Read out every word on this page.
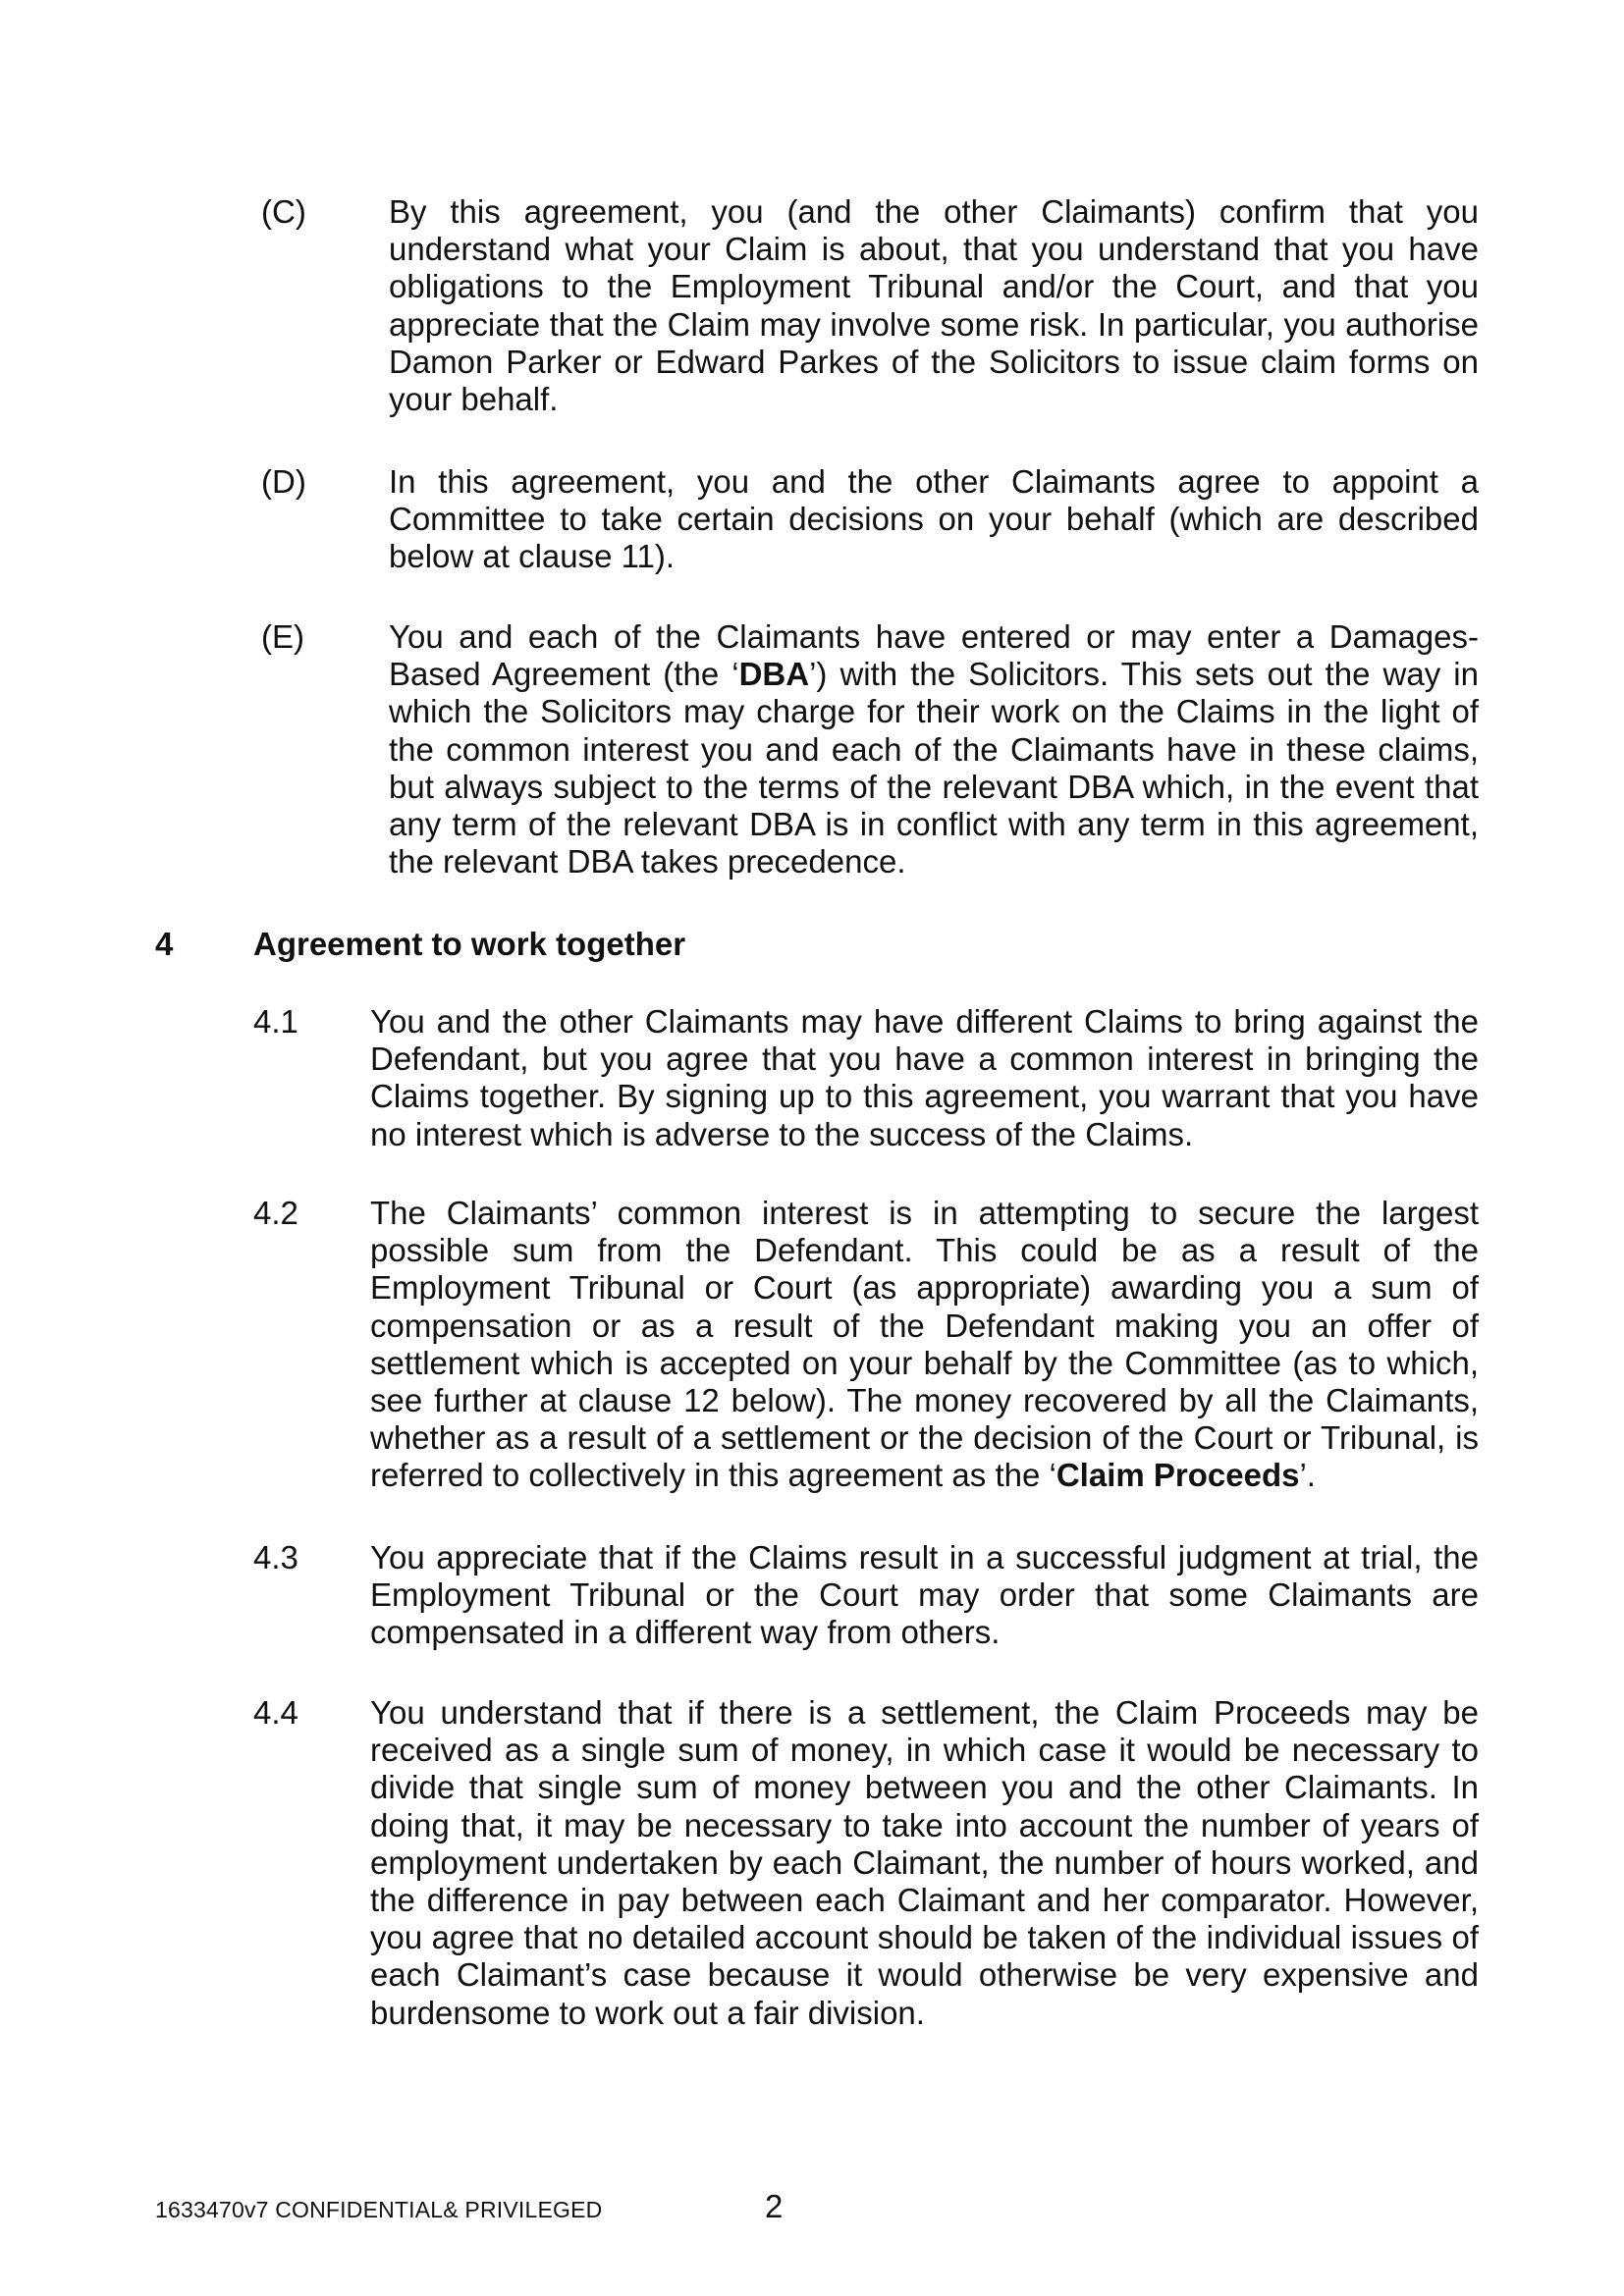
(C)	By this agreement, you (and the other Claimants) confirm that you understand what your Claim is about, that you understand that you have obligations to the Employment Tribunal and/or the Court, and that you appreciate that the Claim may involve some risk. In particular, you authorise Damon Parker or Edward Parkes of the Solicitors to issue claim forms on your behalf.
(D)	In this agreement, you and the other Claimants agree to appoint a Committee to take certain decisions on your behalf (which are described below at clause 11).
(E)	You and each of the Claimants have entered or may enter a Damages-Based Agreement (the ‘DBA’) with the Solicitors. This sets out the way in which the Solicitors may charge for their work on the Claims in the light of the common interest you and each of the Claimants have in these claims, but always subject to the terms of the relevant DBA which, in the event that any term of the relevant DBA is in conflict with any term in this agreement, the relevant DBA takes precedence.
4 Agreement to work together
4.1 You and the other Claimants may have different Claims to bring against the Defendant, but you agree that you have a common interest in bringing the Claims together. By signing up to this agreement, you warrant that you have no interest which is adverse to the success of the Claims.
4.2 The Claimants’ common interest is in attempting to secure the largest possible sum from the Defendant. This could be as a result of the Employment Tribunal or Court (as appropriate) awarding you a sum of compensation or as a result of the Defendant making you an offer of settlement which is accepted on your behalf by the Committee (as to which, see further at clause 12 below). The money recovered by all the Claimants, whether as a result of a settlement or the decision of the Court or Tribunal, is referred to collectively in this agreement as the ‘Claim Proceeds’.
4.3 You appreciate that if the Claims result in a successful judgment at trial, the Employment Tribunal or the Court may order that some Claimants are compensated in a different way from others.
4.4 You understand that if there is a settlement, the Claim Proceeds may be received as a single sum of money, in which case it would be necessary to divide that single sum of money between you and the other Claimants. In doing that, it may be necessary to take into account the number of years of employment undertaken by each Claimant, the number of hours worked, and the difference in pay between each Claimant and her comparator. However, you agree that no detailed account should be taken of the individual issues of each Claimant’s case because it would otherwise be very expensive and burdensome to work out a fair division.
1633470v7 CONFIDENTIAL& PRIVILEGED	2
